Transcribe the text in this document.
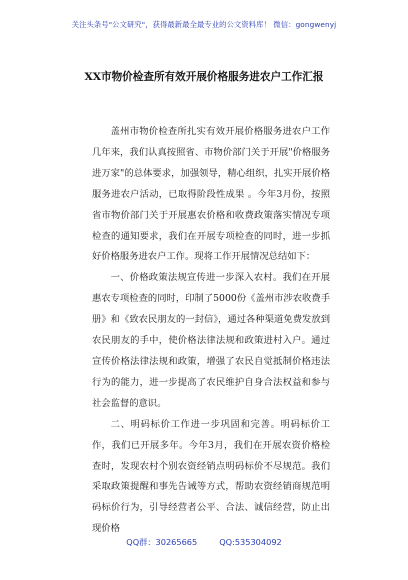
关注头条号"公文研究"，获得最新最全最专业的公文资料库！ 微信：gongwenyj
XX市物价检查所有效开展价格服务进农户工作汇报

盖州市物价检查所扎实有效开展价格服务进农户工作几年来，我们认真按照省、市物价部门关于开展"价格服务进万家"的总体要求，加强领导，精心组织，扎实开展价格服务进农户活动，已取得阶段性成果 。今年3月份，按照省市物价部门关于开展惠农价格和收费政策落实情况专项检查的通知要求，我们在开展专项检查的同时，进一步抓好价格服务进农户工作。现将工作开展情况总结如下：

一、价格政策法规宣传进一步深入农村。我们在开展惠农专项检查的同时，印制了5000份《盖州市涉农收费手册》和《致农民朋友的一封信》，通过各种渠道免费发放到农民朋友的手中，使价格法律法规和政策进村入户。通过宣传价格法律法规和政策，增强了农民自觉抵制价格违法行为的能力，进一步提高了农民维护自身合法权益和参与社会监督的意识。

二、明码标价工作进一步巩固和完善。明码标价工作，我们已开展多年。今年3月，我们在开展农资价格检查时，发现农村个别农资经销点明码标价不尽规范。我们采取政策提醒和事先告诫等方式，帮助农资经销商规范明码标价行为，引导经营者公平、合法、诚信经营，防止出现价格

QQ群：30265665	QQ:535304092
